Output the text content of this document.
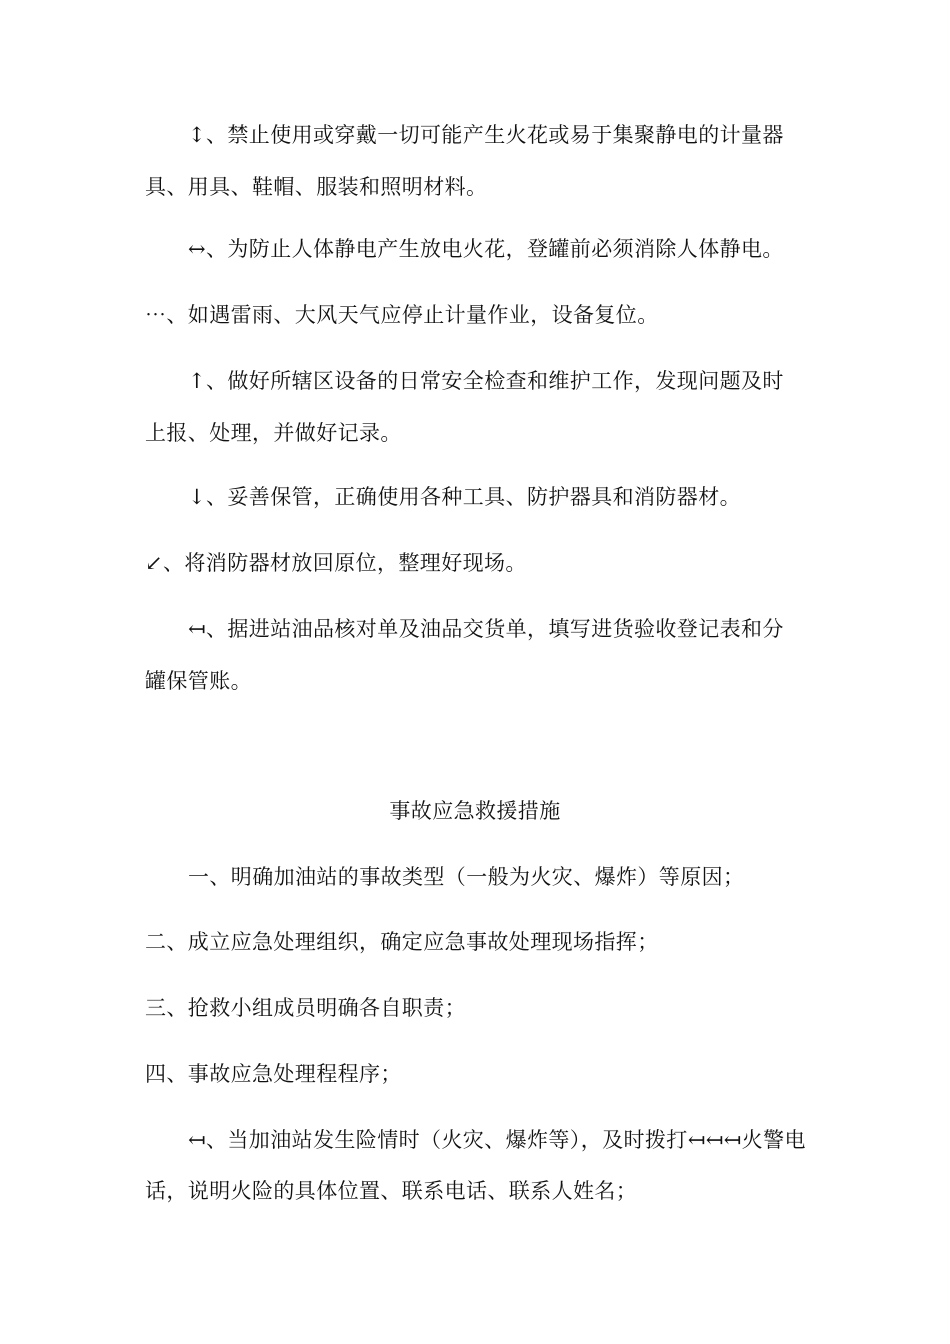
↕、禁止使用或穿戴一切可能产生火花或易于集聚静电的计量器
具、用具、鞋帽、服装和照明材料。
↔、为防止人体静电产生放电火花，登罐前必须消除人体静电。
⋯、如遇雷雨、大风天气应停止计量作业，设备复位。
↑、做好所辖区设备的日常安全检查和维护工作，发现问题及时
上报、处理，并做好记录。
↓、妥善保管，正确使用各种工具、防护器具和消防器材。
↙、将消防器材放回原位，整理好现场。
↤、据进站油品核对单及油品交货单，填写进货验收登记表和分
罐保管账。
事故应急救援措施
一、明确加油站的事故类型（一般为火灾、爆炸）等原因；
二、成立应急处理组织，确定应急事故处理现场指挥；
三、抢救小组成员明确各自职责；
四、事故应急处理程程序；
↤、当加油站发生险情时（火灾、爆炸等），及时拨打↤↤↤火警电
话，说明火险的具体位置、联系电话、联系人姓名；
